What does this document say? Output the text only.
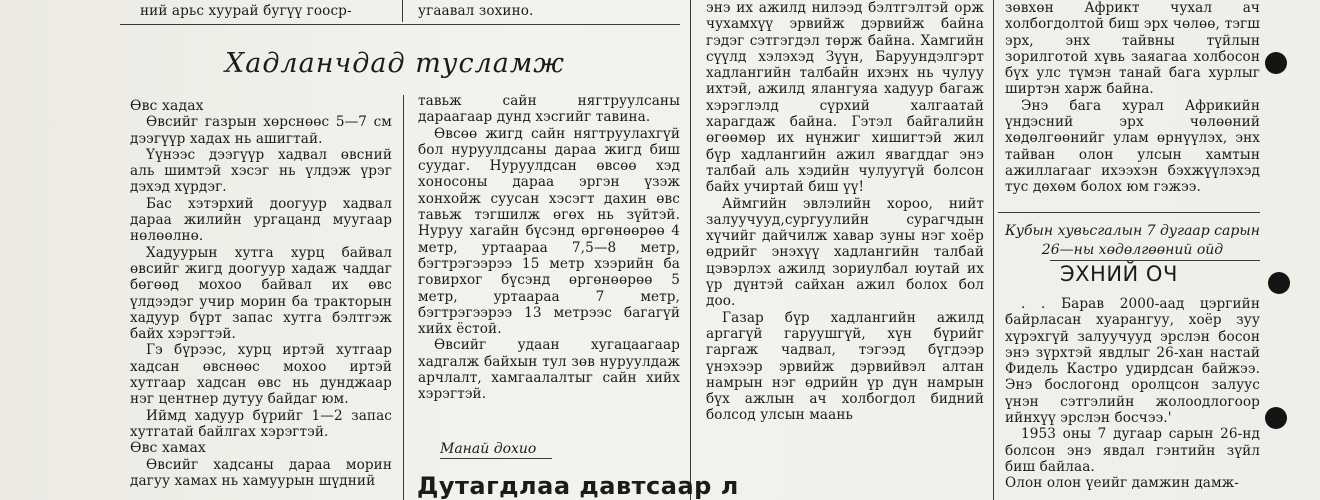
ний арьс хуурай бугүү гоoср-	угаавал зохино.

Хадланчдад тусламж

Өвс хадах

Өвсийг газрын хөрснөөс 5—7 см дээгүүр хадах нь ашигтай.

Үүнээс дээгүүр хадвал өвсний аль шимтэй хэсэг нь үлдэж үрэг дэхэд хүрдэг.

Бас хэтэрхий доогуур хадвал дараа жилийн ургацанд муугаар нөлөөлнө.

Хадуурын хутга хурц байвал өвсийг жигд доогуур хадаж чаддаг бөгөөд мохоо байвал их өвс үлдээдэг учир морин ба тракторын хадуур бүрт запас хутга бэлтгэж байх хэрэгтэй.

Гэ бүрээс, хурц иртэй хутгаар хадсан өвснөөс мохоо иртэй хутгаар хадсан өвс нь дунджаар нэг центнер дутуу байдаг юм.

Иймд хадуур бүрийг 1—2 запас хутгатай байлгах хэрэгтэй.

Өвс хамах

Өвсийг хадсаны дараа морин дагуу хамах нь хамуурын шүдний

тавьж сайн нягтруулсаны дараагаар дунд хэсгийг тавина.

Өвсөө жигд сайн нягтруулахгүй бол нуруулдсаны дараа жигд биш суудаг. Нуруулдсан өвсөө хэд хоносоны дараа эргэн үзэж хонхойж суусан хэсэгт дахин өвс тавьж тэгшилж өгөх нь зүйтэй. Нуруу хагайн бүсэнд өргөнөөрөө 4 метр, уртаараа 7,5—8 метр, бэгтрэгээрээ 15 метр хээрийн ба говирхог бүсэнд өргөнөөрөө 5 метр, уртаараа 7 метр, бэгтрэгээрээ 13 метрээс багагүй хийх ёстой.

Өвсийг удаан хугацаагаар хадгалж байхын тул зөв нуруулдаж арчлалт, хамгаалалтыг сайн хийх хэрэгтэй.

Манай дохио
Дутагдлаа давтсаар л

энэ их ажилд нилээд бэлтгэлтэй орж чухамхүү эрвийж дэрвийж байна гэдэг сэтгэгдэл төрж байна. Хамгийн сүүлд хэлэхэд Зүүн, Баруундэлгэрт хадлангийн талбайн ихэнх нь чулуу ихтэй, ажилд ялангуяа хадуур багаж хэрэглэлд сүрхий халгаатай харагдаж байна. Гэтэл байгалийн өгөөмөр их нүнжиг хишигтэй жил бүр хадлангийн ажил явагддаг энэ талбай аль хэдийн чулуугүй болсон байх учиртай биш үү!

Аймгийн эвлэлийн хороо, нийт залуучууд,сургуулийн сурагчдын хүчийг дайчилж хавар зуны нэг хоёр өдрийг энэхүү хадлангийн талбай цэвэрлэх ажилд зориулбал юутай их үр дүнтэй сайхан ажил болох бол доо.

Газар бүр хадлангийн ажилд аргагүй гаруушгүй, хүн бүрийг гаргаж чадвал, тэгээд бүгдээр үнэхээр эрвийж дэрвийвэл алтан намрын нэг өдрийн үр дүн намрын бүх ажлын ач холбогдол бидний болсод улсын маань

зөвхөн Африкт чухал ач холбогдолтой биш эрх чөлөө, тэгш эрх, энх тайвны түйлын зорилготой хүвь заяагаа холбосон бүх улс түмэн танай бага хурлыг ширтэн харж байна.

Энэ бага хурал Африкийн үндэсний эрх чөлөөний хөдөлгөөнийг улам өрнүүлэх, энх тайван олон улсын хамтын ажиллагааг ихээхэн бэхжүүлэхэд тус дөхөм болох юм гэжээ.

Кубын хувьсгалын 7 дугаар сарын 26—ны хөдөлгөөний ойд
ЭХНИЙ ОЧ

. . Барав 2000-аад цэргийн байрласан хуарангуу, хоёр зуу хүрэхгүй залуучууд эрслэн босон энэ зүрхтэй явдлыг 26-хан настай Фидель Кастро удирдсан байжээ. Энэ бослогонд оролцсон залуус үнэн сэтгэлийн жолоодлогоор ийнхүү эрслэн босчээ.'

1953 оны 7 дугаар сарын 26-нд болсон энэ явдал гэнтийн зүйл биш байлаа.

Олон олон үеийг дамжин дамж-
